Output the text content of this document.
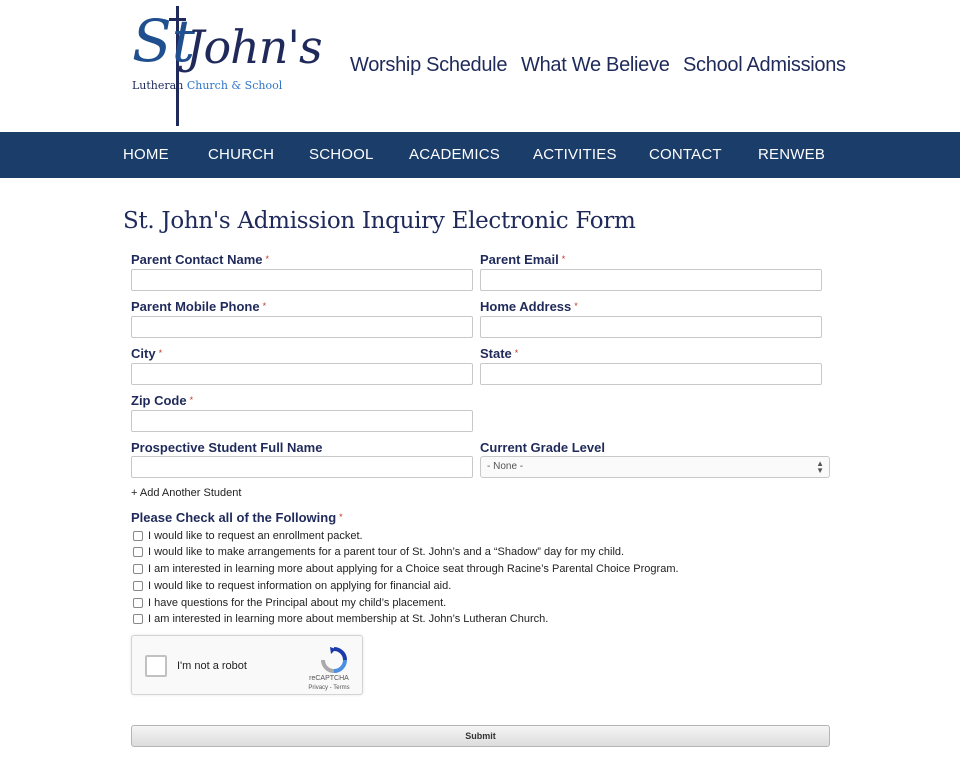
St
John's
Lutheran Church & School
Worship Schedule What We Believe School Admissions
HOME	CHURCH SCHOOL ACADEMICS ACTIVITIES CONTACT RENWEB
St. John's Admission Inquiry Electronic Form
Parent Contact Name *	Parent Email *
Parent Mobile Phone *	Home Address *
City *	State *
Zip Code *
Prospective Student Full Name	Current Grade Level
- None -	▲
▼
+ Add Another Student
Please Check all of the Following *
I would like to request an enrollment packet.
I would like to make arrangements for a parent tour of St. John’s and a “Shadow” day for my child.
I am interested in learning more about applying for a Choice seat through Racine’s Parental Choice Program.
I would like to request information on applying for financial aid.
I have questions for the Principal about my child’s placement.
I am interested in learning more about membership at St. John’s Lutheran Church.
I'm not a robot
reCAPTCHA
Privacy - Terms
Submit
